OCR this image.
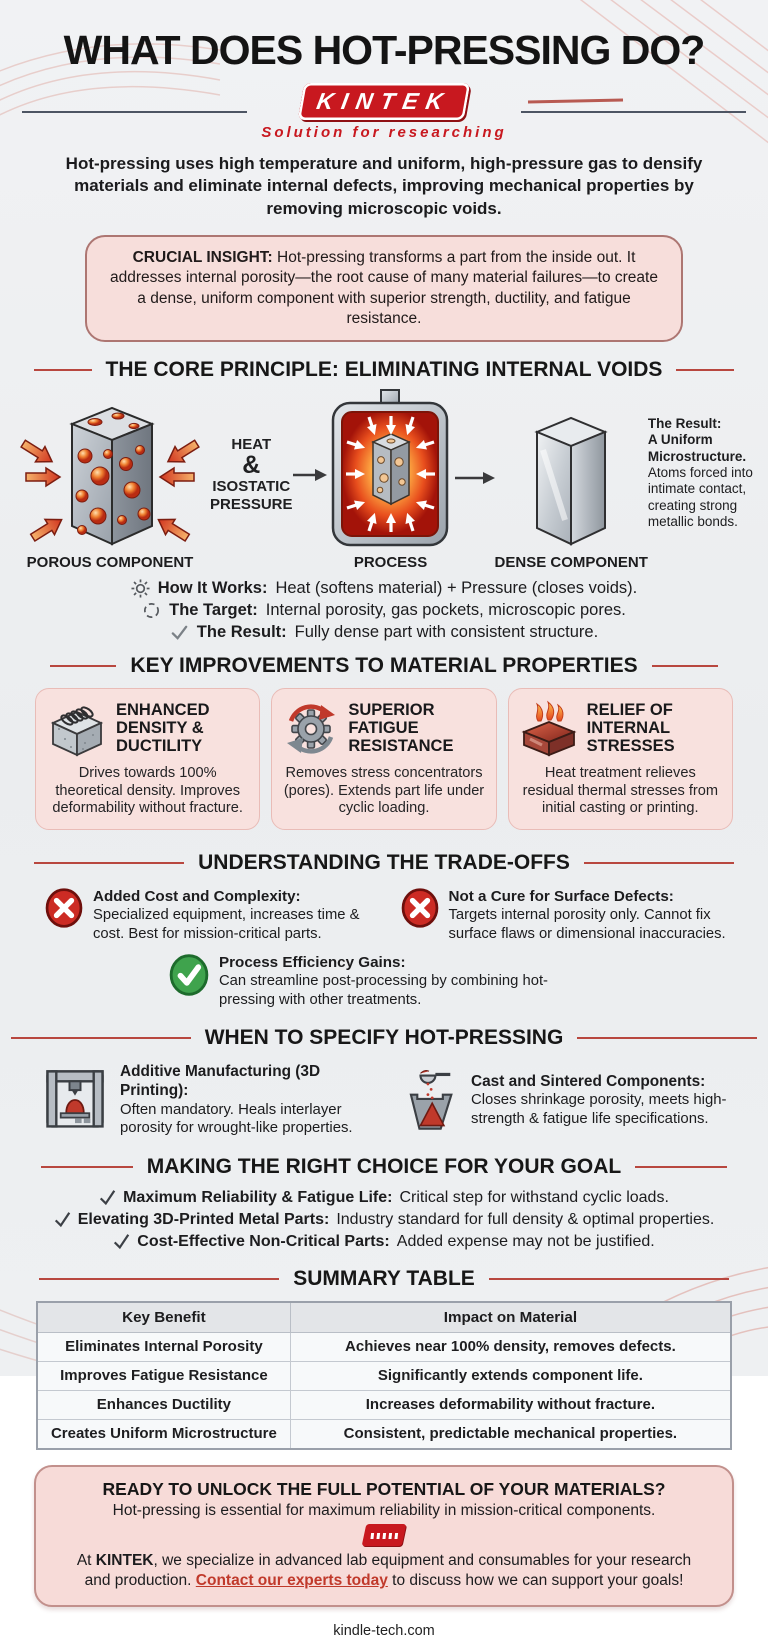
WHAT DOES HOT-PRESSING DO?
KINTEK
Solution for researching

Hot-pressing uses high temperature and uniform, high-pressure gas to densify materials and eliminate internal defects, improving mechanical properties by removing microscopic voids.

CRUCIAL INSIGHT: Hot-pressing transforms a part from the inside out. It addresses internal porosity—the root cause of many material failures—to create a dense, uniform component with superior strength, ductility, and fatigue resistance.
THE CORE PRINCIPLE: ELIMINATING INTERNAL VOIDS
POROUS COMPONENT
HEAT
&
ISOSTATIC
PRESSURE
PROCESS	DENSE COMPONENT
The Result:
A Uniform
Microstructure.
Atoms forced into intimate contact, creating strong metallic bonds.
How It Works: Heat (softens material) + Pressure (closes voids).
The Target: Internal porosity, gas pockets, microscopic pores.
The Result: Fully dense part with consistent structure.
KEY IMPROVEMENTS TO MATERIAL PROPERTIES
ENHANCED DENSITY & DUCTILITY
Drives towards 100% theoretical density. Improves deformability without fracture.
SUPERIOR FATIGUE RESISTANCE
Removes stress concentrators (pores). Extends part life under cyclic loading.
RELIEF OF INTERNAL STRESSES
Heat treatment relieves residual thermal stresses from initial casting or printing.
UNDERSTANDING THE TRADE-OFFS
Added Cost and Complexity:
Specialized equipment, increases time & cost. Best for mission-critical parts.
Not a Cure for Surface Defects:
Targets internal porosity only. Cannot fix surface flaws or dimensional inaccuracies.
Process Efficiency Gains:
Can streamline post-processing by combining hot-pressing with other treatments.
WHEN TO SPECIFY HOT-PRESSING
Additive Manufacturing (3D Printing):
Often mandatory. Heals interlayer porosity for wrought-like properties.
Cast and Sintered Components:
Closes shrinkage porosity, meets high-strength & fatigue life specifications.
MAKING THE RIGHT CHOICE FOR YOUR GOAL
Maximum Reliability & Fatigue Life: Critical step for withstand cyclic loads.
Elevating 3D-Printed Metal Parts: Industry standard for full density & optimal properties.
Cost-Effective Non-Critical Parts: Added expense may not be justified.
SUMMARY TABLE
Key Benefit	Impact on Material
Eliminates Internal Porosity	Achieves near 100% density, removes defects.
Improves Fatigue Resistance	Significantly extends component life.
Enhances Ductility	Increases deformability without fracture.
Creates Uniform Microstructure	Consistent, predictable mechanical properties.
READY TO UNLOCK THE FULL POTENTIAL OF YOUR MATERIALS?
Hot-pressing is essential for maximum reliability in mission-critical components.
At KINTEK, we specialize in advanced lab equipment and consumables for your research and production. Contact our experts today to discuss how we can support your goals!
kindle-tech.com
